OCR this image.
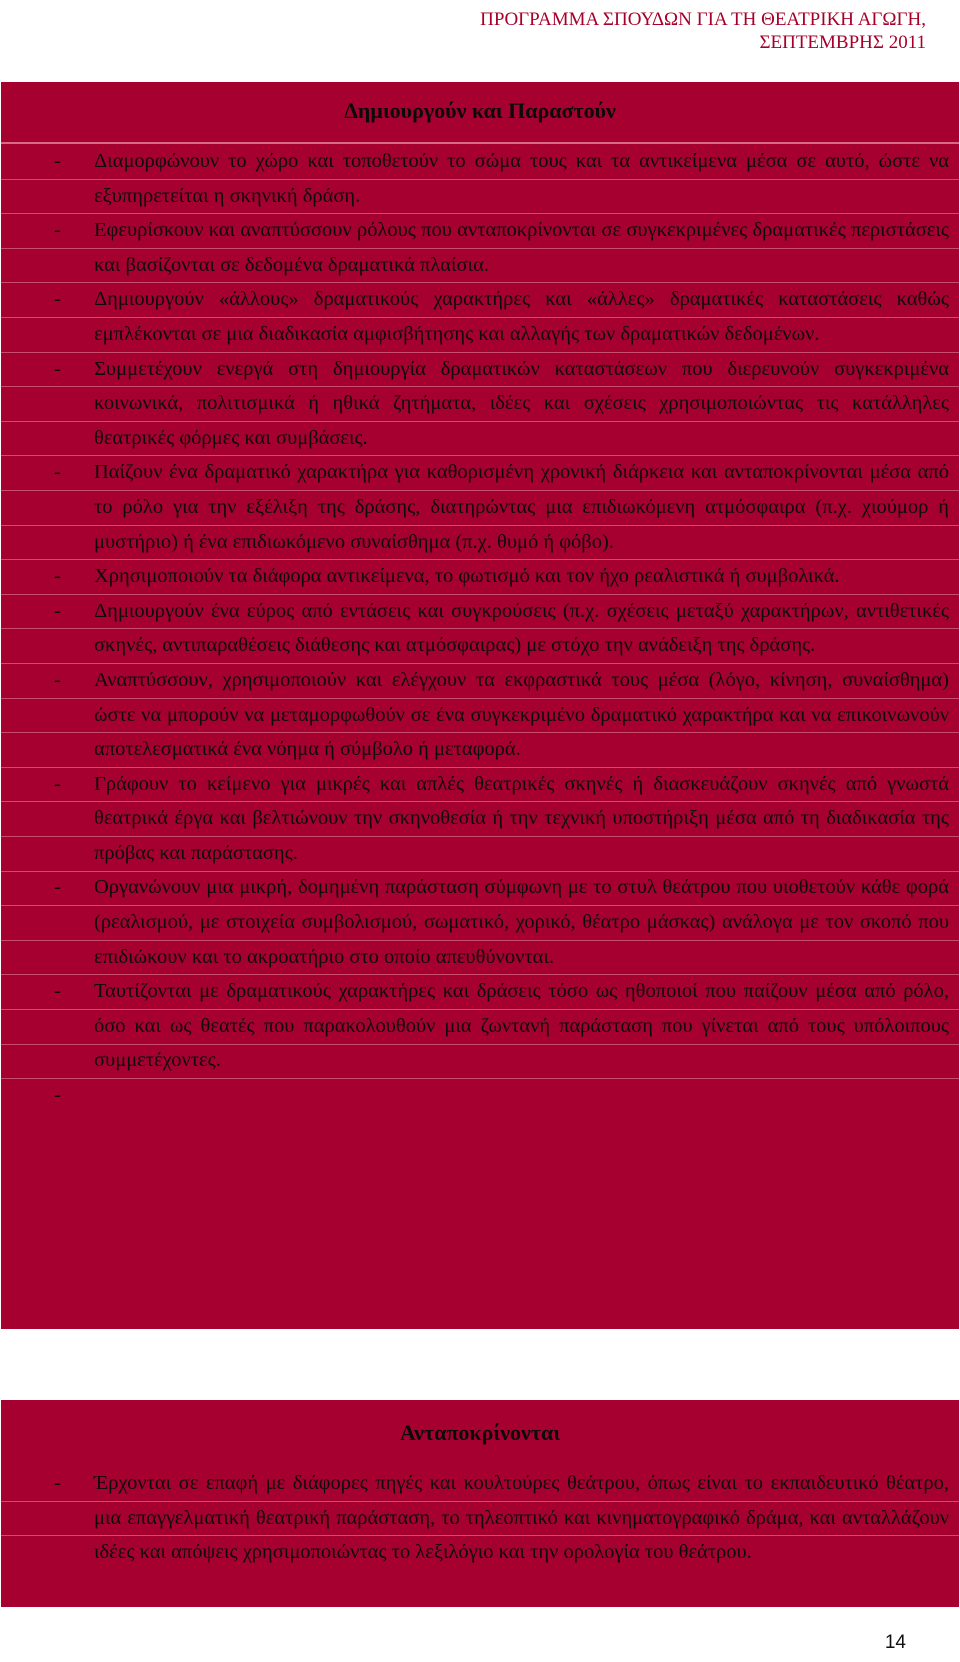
ΠΡΟΓΡΑΜΜΑ ΣΠΟΥΔΩΝ ΓΙΑ ΤΗ ΘΕΑΤΡΙΚΗ ΑΓΩΓΗ,
ΣΕΠΤΕΜΒΡΗΣ 2011
Δημιουργούν και Παραστούν
- Διαμορφώνουν το χώρο και τοποθετούν το σώμα τους και τα αντικείμενα μέσα σε αυτό, ώστε να εξυπηρετείται η σκηνική δράση.
- Εφευρίσκουν και αναπτύσσουν ρόλους που ανταποκρίνονται σε συγκεκριμένες δραματικές περιστάσεις και βασίζονται σε δεδομένα δραματικά πλαίσια.
- Δημιουργούν «άλλους» δραματικούς χαρακτήρες και «άλλες» δραματικές καταστάσεις καθώς εμπλέκονται σε μια διαδικασία αμφισβήτησης και αλλαγής των δραματικών δεδομένων.
- Συμμετέχουν ενεργά στη δημιουργία δραματικών καταστάσεων που διερευνούν συγκεκριμένα κοινωνικά, πολιτισμικά ή ηθικά ζητήματα, ιδέες και σχέσεις χρησιμοποιώντας τις κατάλληλες θεατρικές φόρμες και συμβάσεις.
- Παίζουν ένα δραματικό χαρακτήρα για καθορισμένη χρονική διάρκεια και ανταποκρίνονται μέσα από το ρόλο για την εξέλιξη της δράσης, διατηρώντας μια επιδιωκόμενη ατμόσφαιρα (π.χ. χιούμορ ή μυστήριο) ή ένα επιδιωκόμενο συναίσθημα (π.χ. θυμό ή φόβο).
- Χρησιμοποιούν τα διάφορα αντικείμενα, το φωτισμό και τον ήχο ρεαλιστικά ή συμβολικά.
- Δημιουργούν ένα εύρος από εντάσεις και συγκρούσεις (π.χ. σχέσεις μεταξύ χαρακτήρων, αντιθετικές σκηνές, αντιπαραθέσεις διάθεσης και ατμόσφαιρας) με στόχο την ανάδειξη της δράσης.
- Αναπτύσσουν, χρησιμοποιούν και ελέγχουν τα εκφραστικά τους μέσα (λόγο, κίνηση, συναίσθημα) ώστε να μπορούν να μεταμορφωθούν σε ένα συγκεκριμένο δραματικό χαρακτήρα και να επικοινωνούν αποτελεσματικά ένα νόημα ή σύμβολο ή μεταφορά.
- Γράφουν το κείμενο για μικρές και απλές θεατρικές σκηνές ή διασκευάζουν σκηνές από γνωστά θεατρικά έργα και βελτιώνουν την σκηνοθεσία ή την τεχνική υποστήριξη μέσα από τη διαδικασία της πρόβας και παράστασης.
- Οργανώνουν μια μικρή, δομημένη παράσταση σύμφωνη με το στυλ θεάτρου που υιοθετούν κάθε φορά (ρεαλισμού, με στοιχεία συμβολισμού, σωματικό, χορικό, θέατρο μάσκας) ανάλογα με τον σκοπό που επιδιώκουν και το ακροατήριο στο οποίο απευθύνονται.
- Ταυτίζονται με δραματικούς χαρακτήρες και δράσεις τόσο ως ηθοποιοί που παίζουν μέσα από ρόλο, όσο και ως θεατές που παρακολουθούν μια ζωντανή παράσταση που γίνεται από τους υπόλοιπους συμμετέχοντες.
-

Ανταποκρίνονται
- Έρχονται σε επαφή με διάφορες πηγές και κουλτούρες θεάτρου, όπως είναι το εκπαιδευτικό θέατρο, μια επαγγελματική θεατρική παράσταση, το τηλεοπτικό και κινηματογραφικό δράμα, και ανταλλάζουν ιδέες και απόψεις χρησιμοποιώντας το λεξιλόγιο και την ορολογία του θεάτρου.
14
